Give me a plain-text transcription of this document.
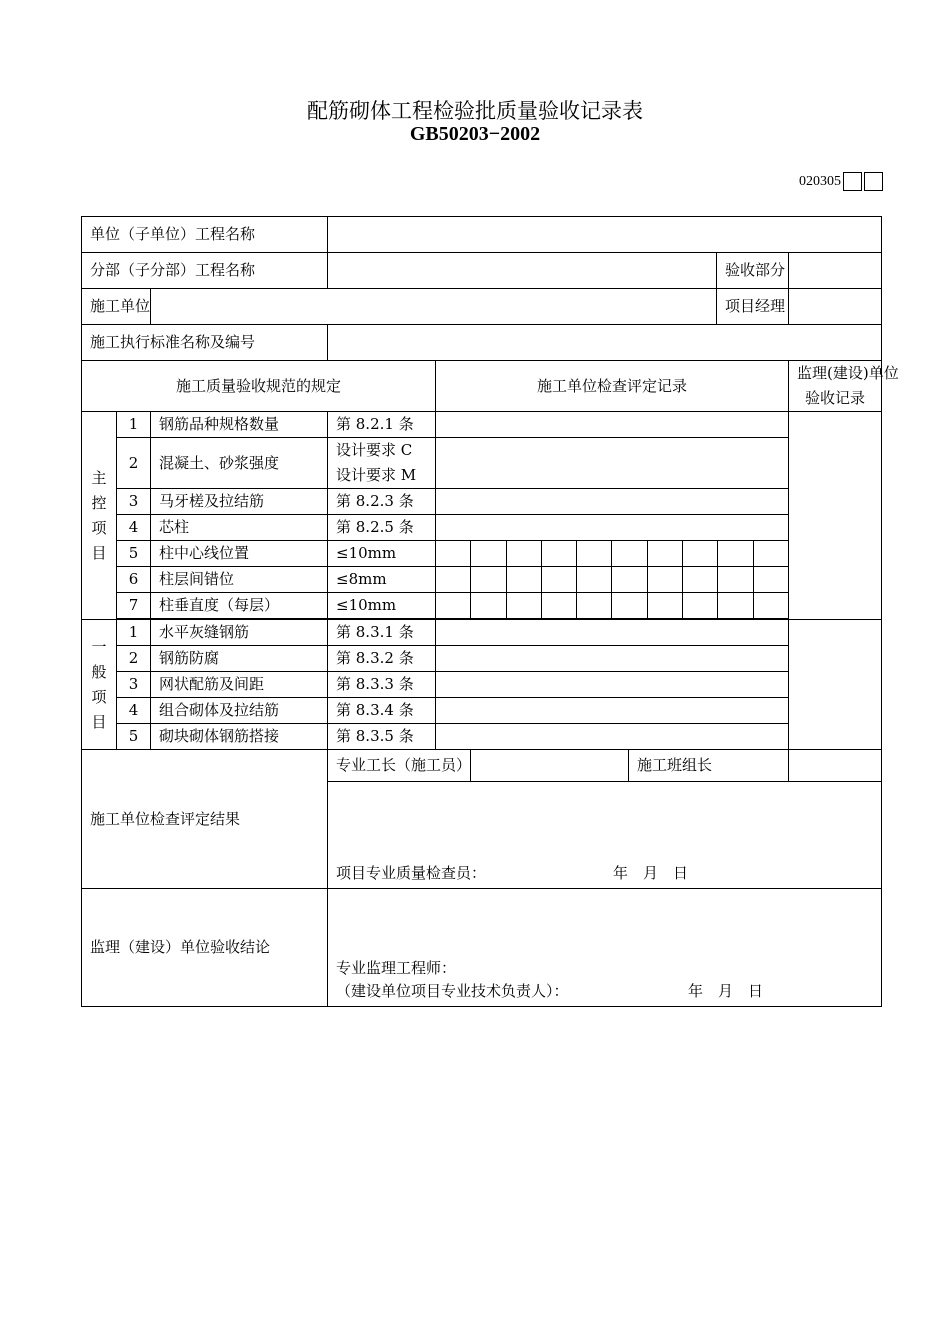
配筋砌体工程检验批质量验收记录表
GB50203−2002
020305
单位（子单位）工程名称								
分部（子分部）工程名称							验收部分	
施工单位							项目经理	
施工执行标准名称及编号								
施工质量验收规范的规定				施工单位检查评定记录				监理(建设)单位
验收记录
主
控
项
目	1	钢筋品种规格数量	第 8.2.1 条					
	2	混凝土、砂浆强度	设计要求 C
设计要求 M					
	3	马牙槎及拉结筋	第 8.2.3 条					
	4	芯柱	第 8.2.5 条					
	5	柱中心线位置	≤10mm					

	6	柱层间错位	≤8mm					

	7	柱垂直度（每层）	≤10mm					

一
般
项
目	1	水平灰缝钢筋	第 8.3.1 条					
	2	钢筋防腐	第 8.3.2 条					
	3	网状配筋及间距	第 8.3.3 条					
	4	组合砌体及拉结筋	第 8.3.4 条					
	5	砌块砌体钢筋搭接	第 8.3.5 条					
施工单位检查评定结果			专业工长（施工员）			施工班组长		

			项目专业质量检查员： 年　月　日					

监理（建设）单位验收结论			专业监理工程师：
（建设单位项目专业技术负责人）： 年　月　日					
